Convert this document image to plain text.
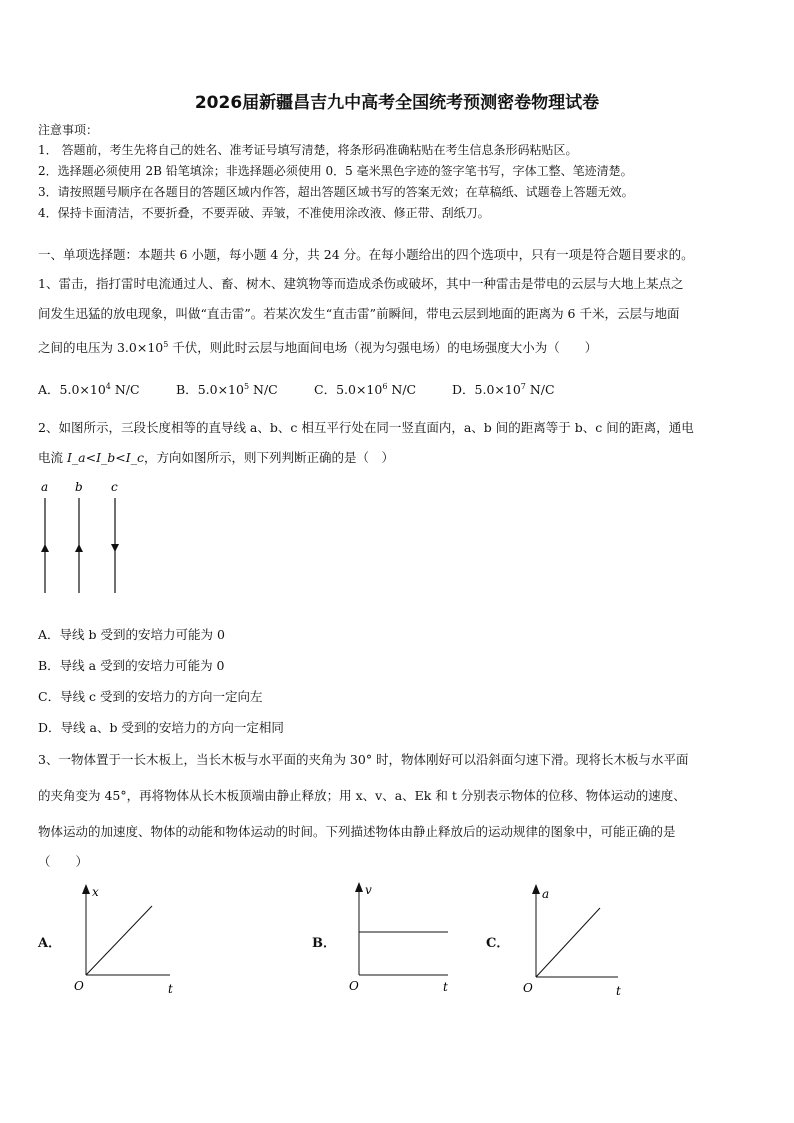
2026届新疆昌吉九中高考全国统考预测密卷物理试卷
注意事项：
1． 答题前，考生先将自己的姓名、准考证号填写清楚，将条形码准确粘贴在考生信息条形码粘贴区。
2．选择题必须使用 2B 铅笔填涂；非选择题必须使用 0．5 毫米黑色字迹的签字笔书写，字体工整、笔迹清楚。
3．请按照题号顺序在各题目的答题区域内作答，超出答题区域书写的答案无效；在草稿纸、试题卷上答题无效。
4．保持卡面清洁，不要折叠，不要弄破、弄皱，不准使用涂改液、修正带、刮纸刀。
一、单项选择题：本题共 6 小题，每小题 4 分，共 24 分。在每小题给出的四个选项中，只有一项是符合题目要求的。
1、雷击，指打雷时电流通过人、畜、树木、建筑物等而造成杀伤或破坏，其中一种雷击是带电的云层与大地上某点之
间发生迅猛的放电现象，叫做“直击雷”。若某次发生“直击雷”前瞬间，带电云层到地面的距离为 6 千米，云层与地面
之间的电压为 $3.0\times 10^5$ 千伏，则此时云层与地面间电场（视为匀强电场）的电场强度大小为（　　）
A．$5.0\times 10^4$ N/C	B．$5.0\times 10^5$ N/C	C．$5.0\times 10^6$ N/C	D．$5.0\times 10^7$ N/C
2、如图所示，三段长度相等的直导线 a、b、c 相互平行处在同一竖直面内，a、b 间的距离等于 b、c 间的距离，通电
电流 I_a<I_b<I_c，方向如图所示，则下列判断正确的是（　）
a b c
A．导线 b 受到的安培力可能为 0
B．导线 a 受到的安培力可能为 0
C．导线 c 受到的安培力的方向一定向左
D．导线 a、b 受到的安培力的方向一定相同
3、一物体置于一长木板上，当长木板与水平面的夹角为 30° 时，物体刚好可以沿斜面匀速下滑。现将长木板与水平面
的夹角变为 45°，再将物体从长木板顶端由静止释放；用 x、v、a、Ek 和 t 分别表示物体的位移、物体运动的速度、
物体运动的加速度、物体的动能和物体运动的时间。下列描述物体由静止释放后的运动规律的图象中，可能正确的是
（　　）
A．
x
t
O
B．
v
t
O
C．
a
t
O
